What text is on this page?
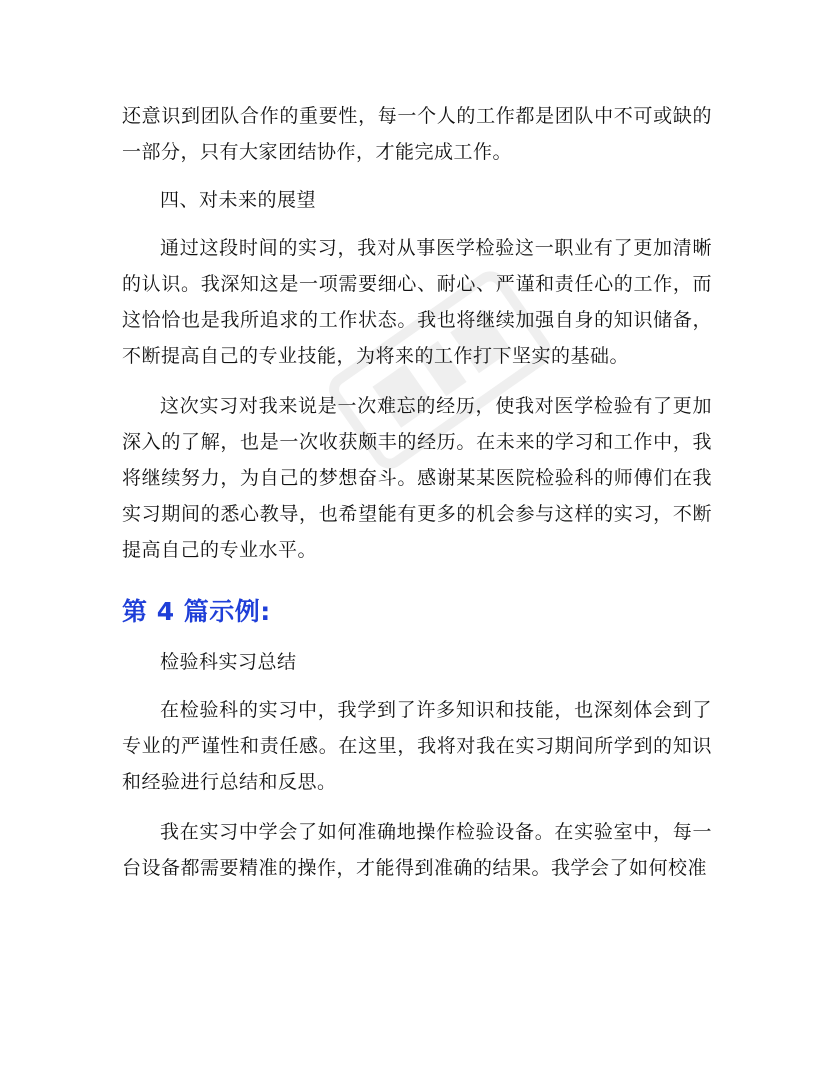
还意识到团队合作的重要性，每一个人的工作都是团队中不可或缺的一部分，只有大家团结协作，才能完成工作。

四、对未来的展望

通过这段时间的实习，我对从事医学检验这一职业有了更加清晰的认识。我深知这是一项需要细心、耐心、严谨和责任心的工作，而这恰恰也是我所追求的工作状态。我也将继续加强自身的知识储备，不断提高自己的专业技能，为将来的工作打下坚实的基础。

这次实习对我来说是一次难忘的经历，使我对医学检验有了更加深入的了解，也是一次收获颇丰的经历。在未来的学习和工作中，我将继续努力，为自己的梦想奋斗。感谢某某医院检验科的师傅们在我实习期间的悉心教导，也希望能有更多的机会参与这样的实习，不断提高自己的专业水平。

第 4 篇示例:

检验科实习总结

在检验科的实习中，我学到了许多知识和技能，也深刻体会到了专业的严谨性和责任感。在这里，我将对我在实习期间所学到的知识和经验进行总结和反思。

我在实习中学会了如何准确地操作检验设备。在实验室中，每一台设备都需要精准的操作，才能得到准确的结果。我学会了如何校准
